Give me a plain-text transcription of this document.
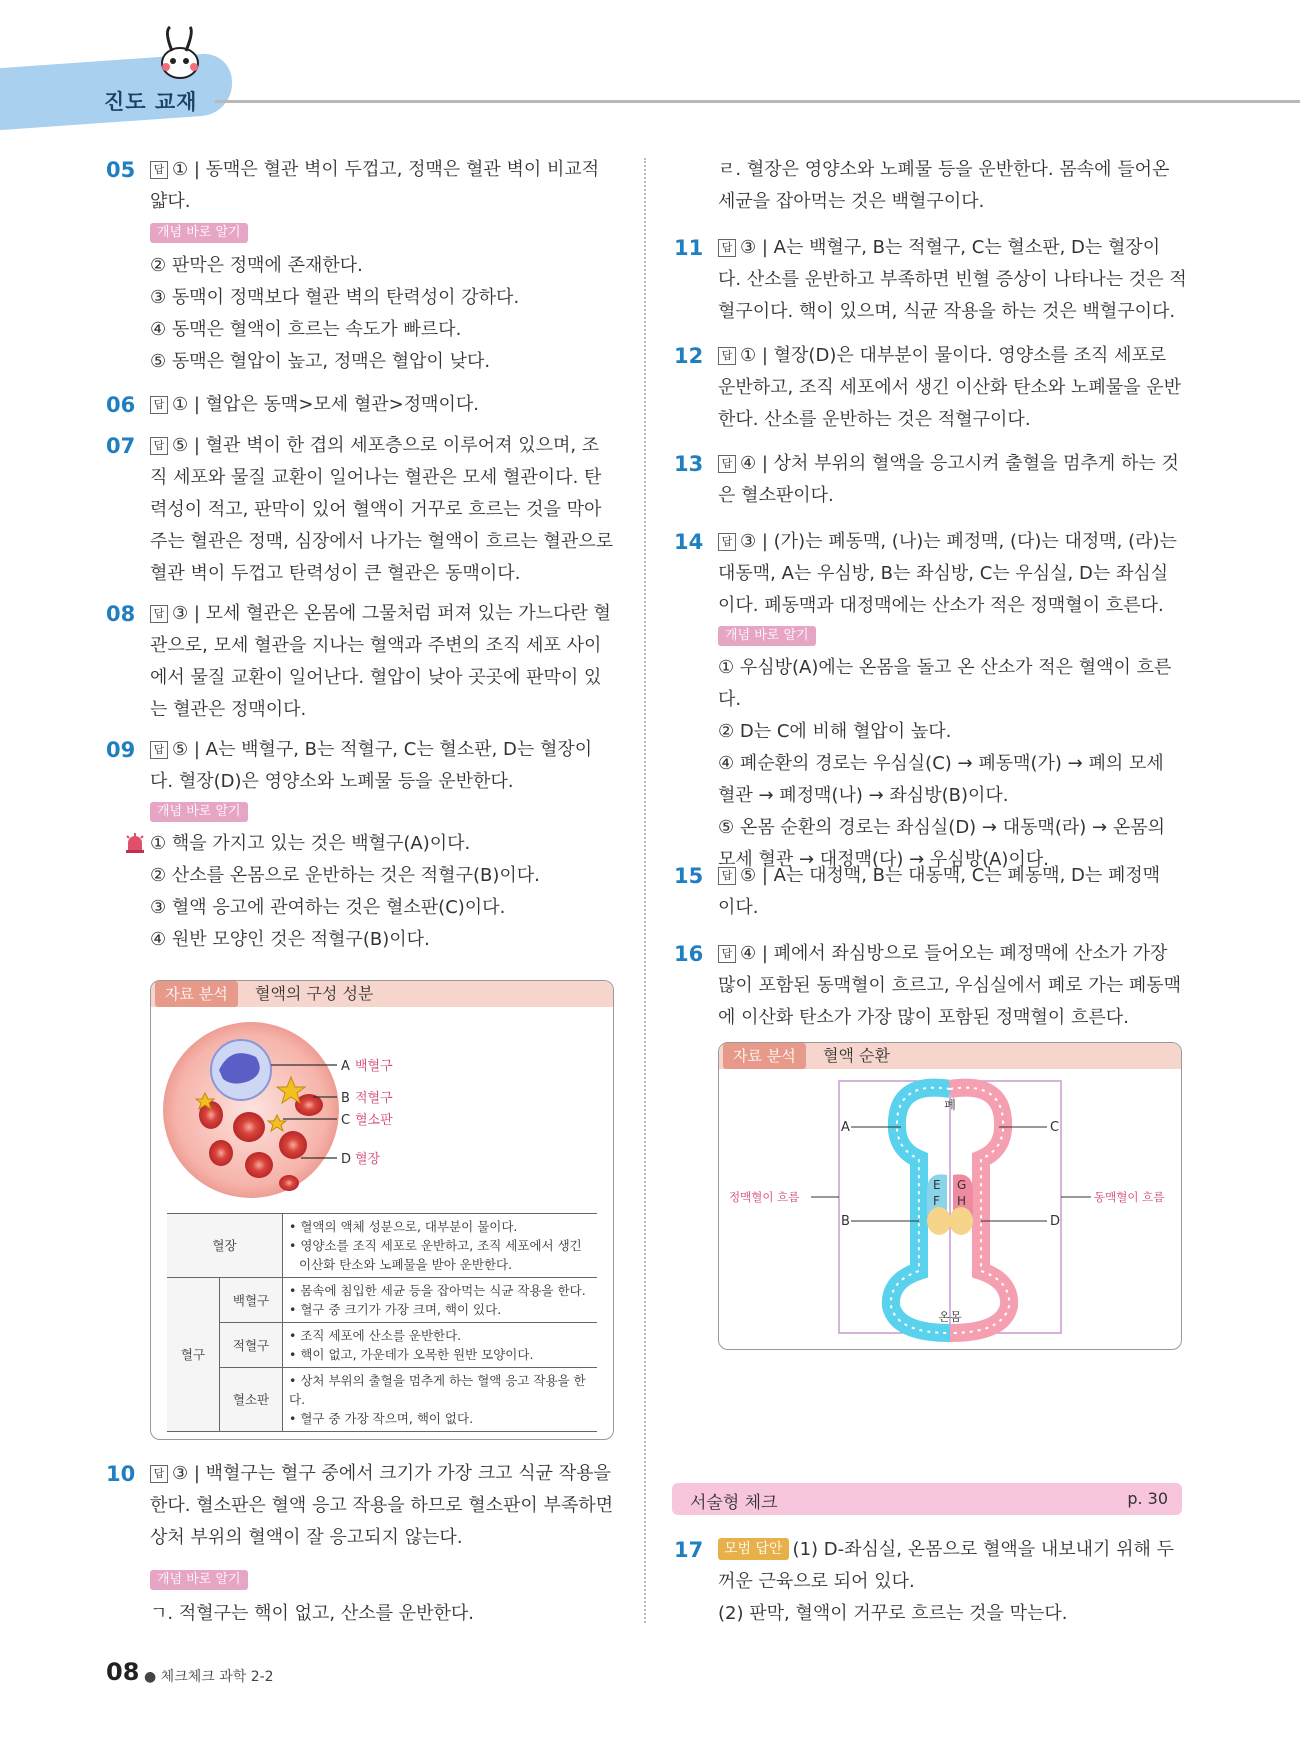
진도 교재
05	답 ① | 동맥은 혈관 벽이 두껍고, 정맥은 혈관 벽이 비교적
얇다.
개념 바로 알기
② 판막은 정맥에 존재한다.
③ 동맥이 정맥보다 혈관 벽의 탄력성이 강하다.
④ 동맥은 혈액이 흐르는 속도가 빠르다.
⑤ 동맥은 혈압이 높고, 정맥은 혈압이 낮다.
06	답 ① | 혈압은 동맥>모세 혈관>정맥이다.
07	답 ⑤ | 혈관 벽이 한 겹의 세포층으로 이루어져 있으며, 조
직 세포와 물질 교환이 일어나는 혈관은 모세 혈관이다. 탄
력성이 적고, 판막이 있어 혈액이 거꾸로 흐르는 것을 막아
주는 혈관은 정맥, 심장에서 나가는 혈액이 흐르는 혈관으로
혈관 벽이 두껍고 탄력성이 큰 혈관은 동맥이다.
08	답 ③ | 모세 혈관은 온몸에 그물처럼 퍼져 있는 가느다란 혈
관으로, 모세 혈관을 지나는 혈액과 주변의 조직 세포 사이
에서 물질 교환이 일어난다. 혈압이 낮아 곳곳에 판막이 있
는 혈관은 정맥이다.
09	답 ⑤ | A는 백혈구, B는 적혈구, C는 혈소판, D는 혈장이
다. 혈장(D)은 영양소와 노폐물 등을 운반한다.
개념 바로 알기
① 핵을 가지고 있는 것은 백혈구(A)이다.
② 산소를 온몸으로 운반하는 것은 적혈구(B)이다.
③ 혈액 응고에 관여하는 것은 혈소판(C)이다.
④ 원반 모양인 것은 적혈구(B)이다.
자료 분석	혈액의 구성 성분
A 백혈구
B 적혈구
C 혈소판
D 혈장
혈장		• 혈액의 액체 성분으로, 대부분이 물이다.
• 영양소를 조직 세포로 운반하고, 조직 세포에서 생긴
이산화 탄소와 노폐물을 받아 운반한다.

혈구	백혈구	• 몸속에 침입한 세균 등을 잡아먹는 식균 작용을 한다.
• 혈구 중 크기가 가장 크며, 핵이 있다.

	적혈구	• 조직 세포에 산소를 운반한다.
• 핵이 없고, 가운데가 오목한 원반 모양이다.

	혈소판	• 상처 부위의 출혈을 멈추게 하는 혈액 응고 작용을 한다.
• 혈구 중 가장 작으며, 핵이 없다.
10	답 ③ | 백혈구는 혈구 중에서 크기가 가장 크고 식균 작용을
한다. 혈소판은 혈액 응고 작용을 하므로 혈소판이 부족하면
상처 부위의 혈액이 잘 응고되지 않는다.
개념 바로 알기
ㄱ. 적혈구는 핵이 없고, 산소를 운반한다.
ㄹ. 혈장은 영양소와 노폐물 등을 운반한다. 몸속에 들어온
세균을 잡아먹는 것은 백혈구이다.
11	답 ③ | A는 백혈구, B는 적혈구, C는 혈소판, D는 혈장이
다. 산소를 운반하고 부족하면 빈혈 증상이 나타나는 것은 적
혈구이다. 핵이 있으며, 식균 작용을 하는 것은 백혈구이다.
12	답 ① | 혈장(D)은 대부분이 물이다. 영양소를 조직 세포로
운반하고, 조직 세포에서 생긴 이산화 탄소와 노폐물을 운반
한다. 산소를 운반하는 것은 적혈구이다.
13	답 ④ | 상처 부위의 혈액을 응고시켜 출혈을 멈추게 하는 것
은 혈소판이다.
14	답 ③ | (가)는 폐동맥, (나)는 폐정맥, (다)는 대정맥, (라)는
대동맥, A는 우심방, B는 좌심방, C는 우심실, D는 좌심실
이다. 폐동맥과 대정맥에는 산소가 적은 정맥혈이 흐른다.
개념 바로 알기
① 우심방(A)에는 온몸을 돌고 온 산소가 적은 혈액이 흐른다.
② D는 C에 비해 혈압이 높다.
④ 폐순환의 경로는 우심실(C) → 폐동맥(가) → 폐의 모세
혈관 → 폐정맥(나) → 좌심방(B)이다.
⑤ 온몸 순환의 경로는 좌심실(D) → 대동맥(라) → 온몸의
모세 혈관 → 대정맥(다) → 우심방(A)이다.
15	답 ⑤ | A는 대정맥, B는 대동맥, C는 폐동맥, D는 폐정맥
이다.
16	답 ④ | 폐에서 좌심방으로 들어오는 폐정맥에 산소가 가장
많이 포함된 동맥혈이 흐르고, 우심실에서 폐로 가는 폐동맥
에 이산화 탄소가 가장 많이 포함된 정맥혈이 흐른다.
자료 분석	혈액 순환
폐
온몸
A	C
B	D
E
F
G
H
정맥혈이 흐름	동맥혈이 흐름
서술형 체크	p. 30
17	모범 답안 (1) D-좌심실, 온몸으로 혈액을 내보내기 위해 두
꺼운 근육으로 되어 있다.
(2) 판막, 혈액이 거꾸로 흐르는 것을 막는다.
08 ● 체크체크 과학 2-2
